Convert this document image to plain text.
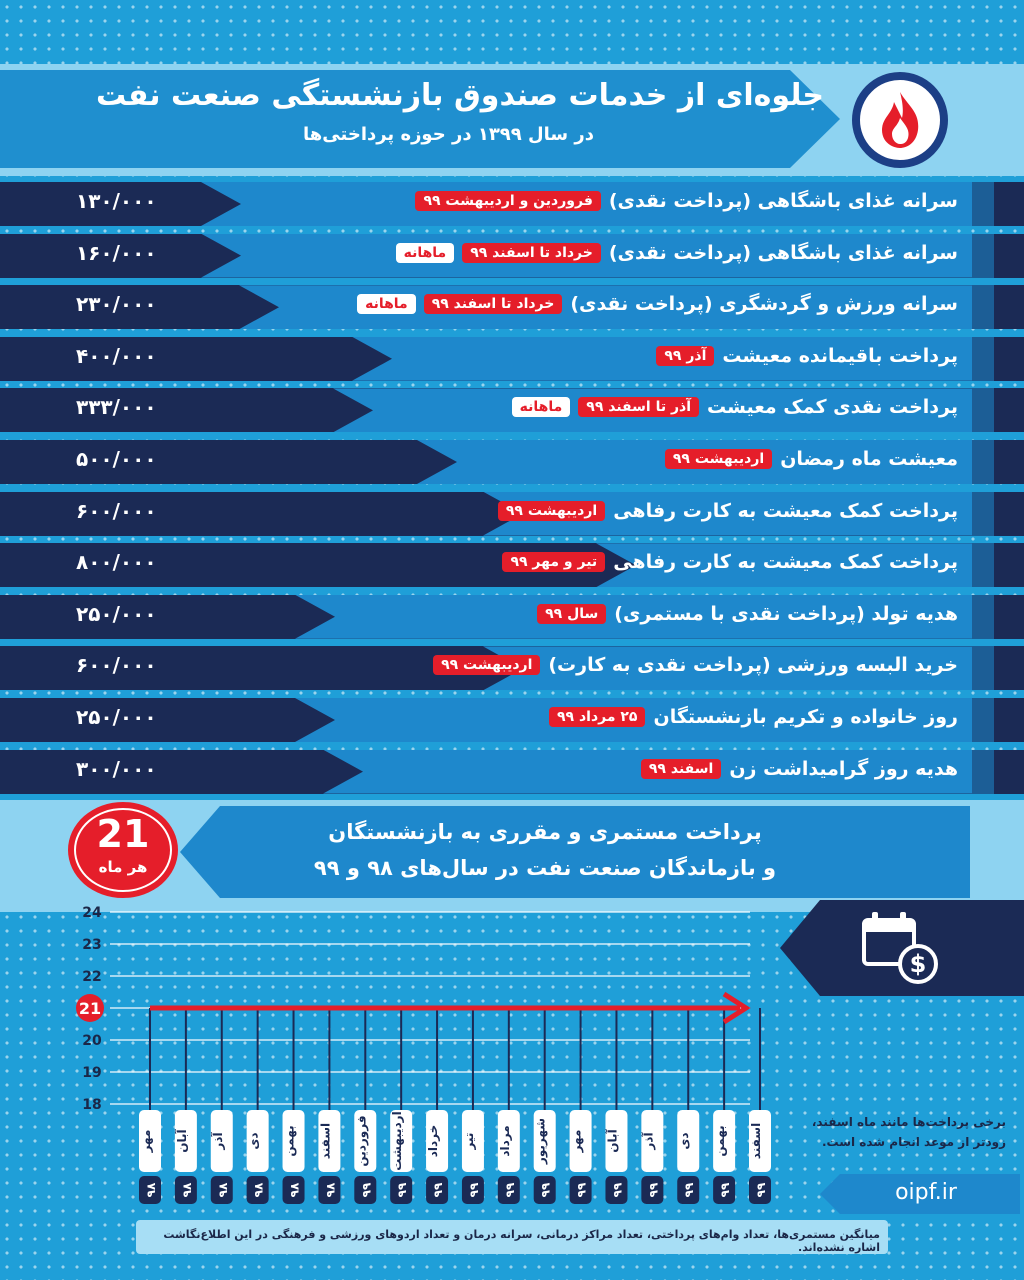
جلوه‌ای از خدمات صندوق بازنشستگی صنعت نفت
در سال ۱۳۹۹ در حوزه پرداختی‌ها
سرانه غذای باشگاهی (پرداخت نقدی)
فروردین و اردیبهشت ۹۹
۱۳۰/۰۰۰
سرانه غذای باشگاهی (پرداخت نقدی)
خرداد تا اسفند ۹۹
ماهانه
۱۶۰/۰۰۰
سرانه ورزش و گردشگری (پرداخت نقدی)
خرداد تا اسفند ۹۹
ماهانه
۲۳۰/۰۰۰
پرداخت باقیمانده معیشت
آذر ۹۹
۴۰۰/۰۰۰
پرداخت نقدی کمک معیشت
آذر تا اسفند ۹۹
ماهانه
۳۳۳/۰۰۰
معیشت ماه رمضان
اردیبهشت ۹۹
۵۰۰/۰۰۰
پرداخت کمک معیشت به کارت رفاهی
اردیبهشت ۹۹
۶۰۰/۰۰۰
پرداخت کمک معیشت به کارت رفاهی
تیر و مهر ۹۹
۸۰۰/۰۰۰
هدیه تولد (پرداخت نقدی با مستمری)
سال ۹۹
۲۵۰/۰۰۰
خرید البسه ورزشی (پرداخت نقدی به کارت)
اردیبهشت ۹۹
۶۰۰/۰۰۰
روز خانواده و تکریم بازنشستگان
۲۵ مرداد ۹۹
۲۵۰/۰۰۰
هدیه روز گرامیداشت زن
اسفند ۹۹
۳۰۰/۰۰۰
پرداخت مستمری و مقرری به بازنشستگان
و بازماندگان صنعت نفت در سال‌های ۹۸ و ۹۹
21
هر ماه
$
18
19
20
21
22
23
24
مهر
۹۸
آبان
۹۸
آذر
۹۸
دی
۹۸
بهمن
۹۸
اسفند
۹۸
فروردین
۹۹
اردیبهشت
۹۹
خرداد
۹۹
تیر
۹۹
مرداد
۹۹
شهریور
۹۹
مهر
۹۹
آبان
۹۹
آذر
۹۹
دی
۹۹
بهمن
۹۹
اسفند
۹۹
برخی پرداخت‌ها مانند ماه اسفند،
زودتر از موعد انجام شده است.
oipf.ir
میانگین مستمری‌ها، تعداد وام‌های پرداختی، تعداد مراکز درمانی، سرانه درمان و تعداد اردوهای ورزشی و فرهنگی در این اطلاع‌نگاشت اشاره نشده‌اند.
